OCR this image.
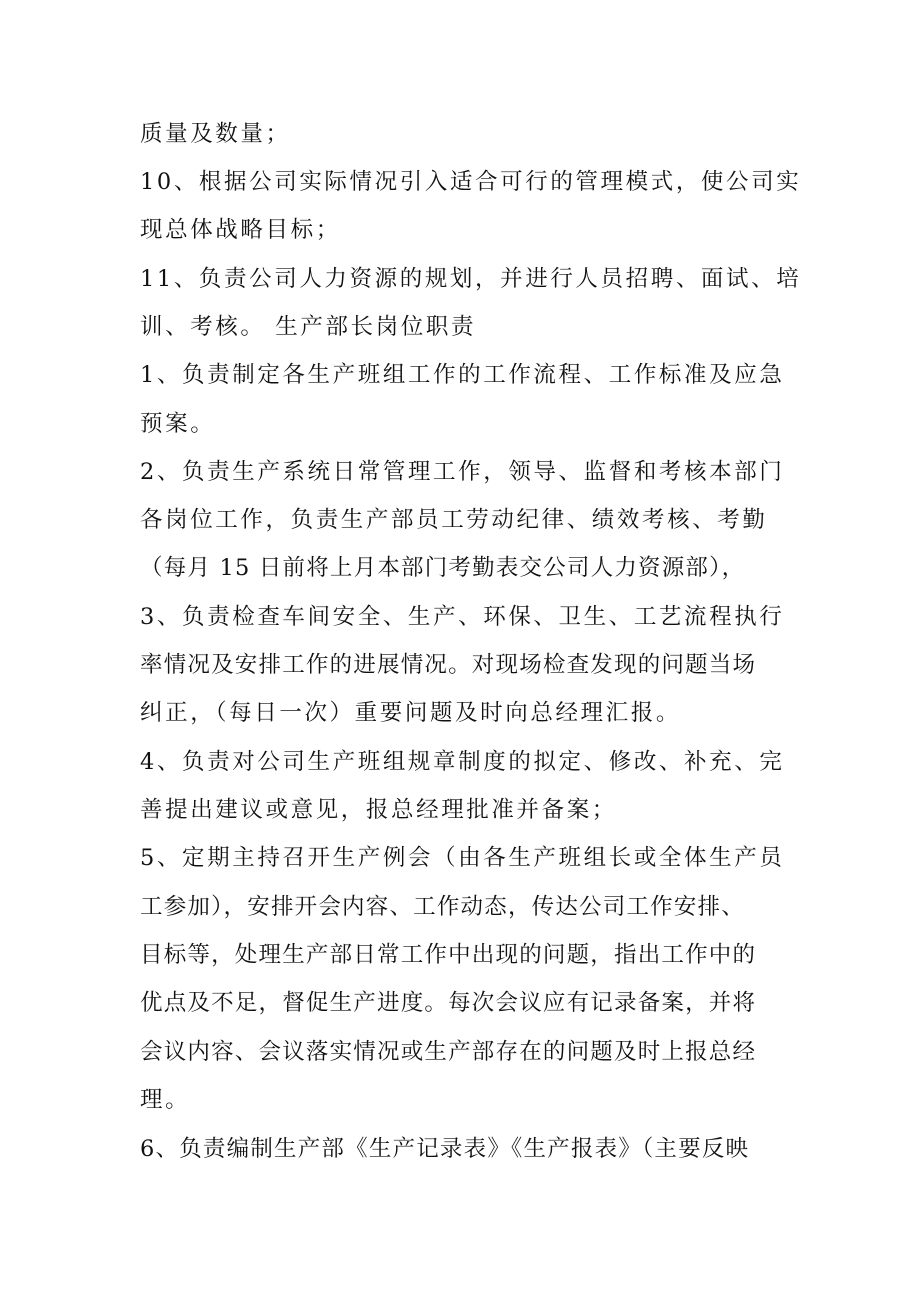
质量及数量；
10、根据公司实际情况引入适合可行的管理模式，使公司实
现总体战略目标；
11、负责公司人力资源的规划，并进行人员招聘、面试、培
训、考核。 生产部长岗位职责
1、负责制定各生产班组工作的工作流程、工作标准及应急
预案。
2、负责生产系统日常管理工作，领导、监督和考核本部门
各岗位工作，负责生产部员工劳动纪律、绩效考核、考勤
（每月 15 日前将上月本部门考勤表交公司人力资源部），
3、负责检查车间安全、生产、环保、卫生、工艺流程执行
率情况及安排工作的进展情况。对现场检查发现的问题当场
纠正，（每日一次）重要问题及时向总经理汇报。
4、负责对公司生产班组规章制度的拟定、修改、补充、完
善提出建议或意见，报总经理批准并备案；
5、定期主持召开生产例会（由各生产班组长或全体生产员
工参加），安排开会内容、工作动态，传达公司工作安排、
目标等，处理生产部日常工作中出现的问题，指出工作中的
优点及不足，督促生产进度。每次会议应有记录备案，并将
会议内容、会议落实情况或生产部存在的问题及时上报总经
理。
6、负责编制生产部《生产记录表》《生产报表》（主要反映
